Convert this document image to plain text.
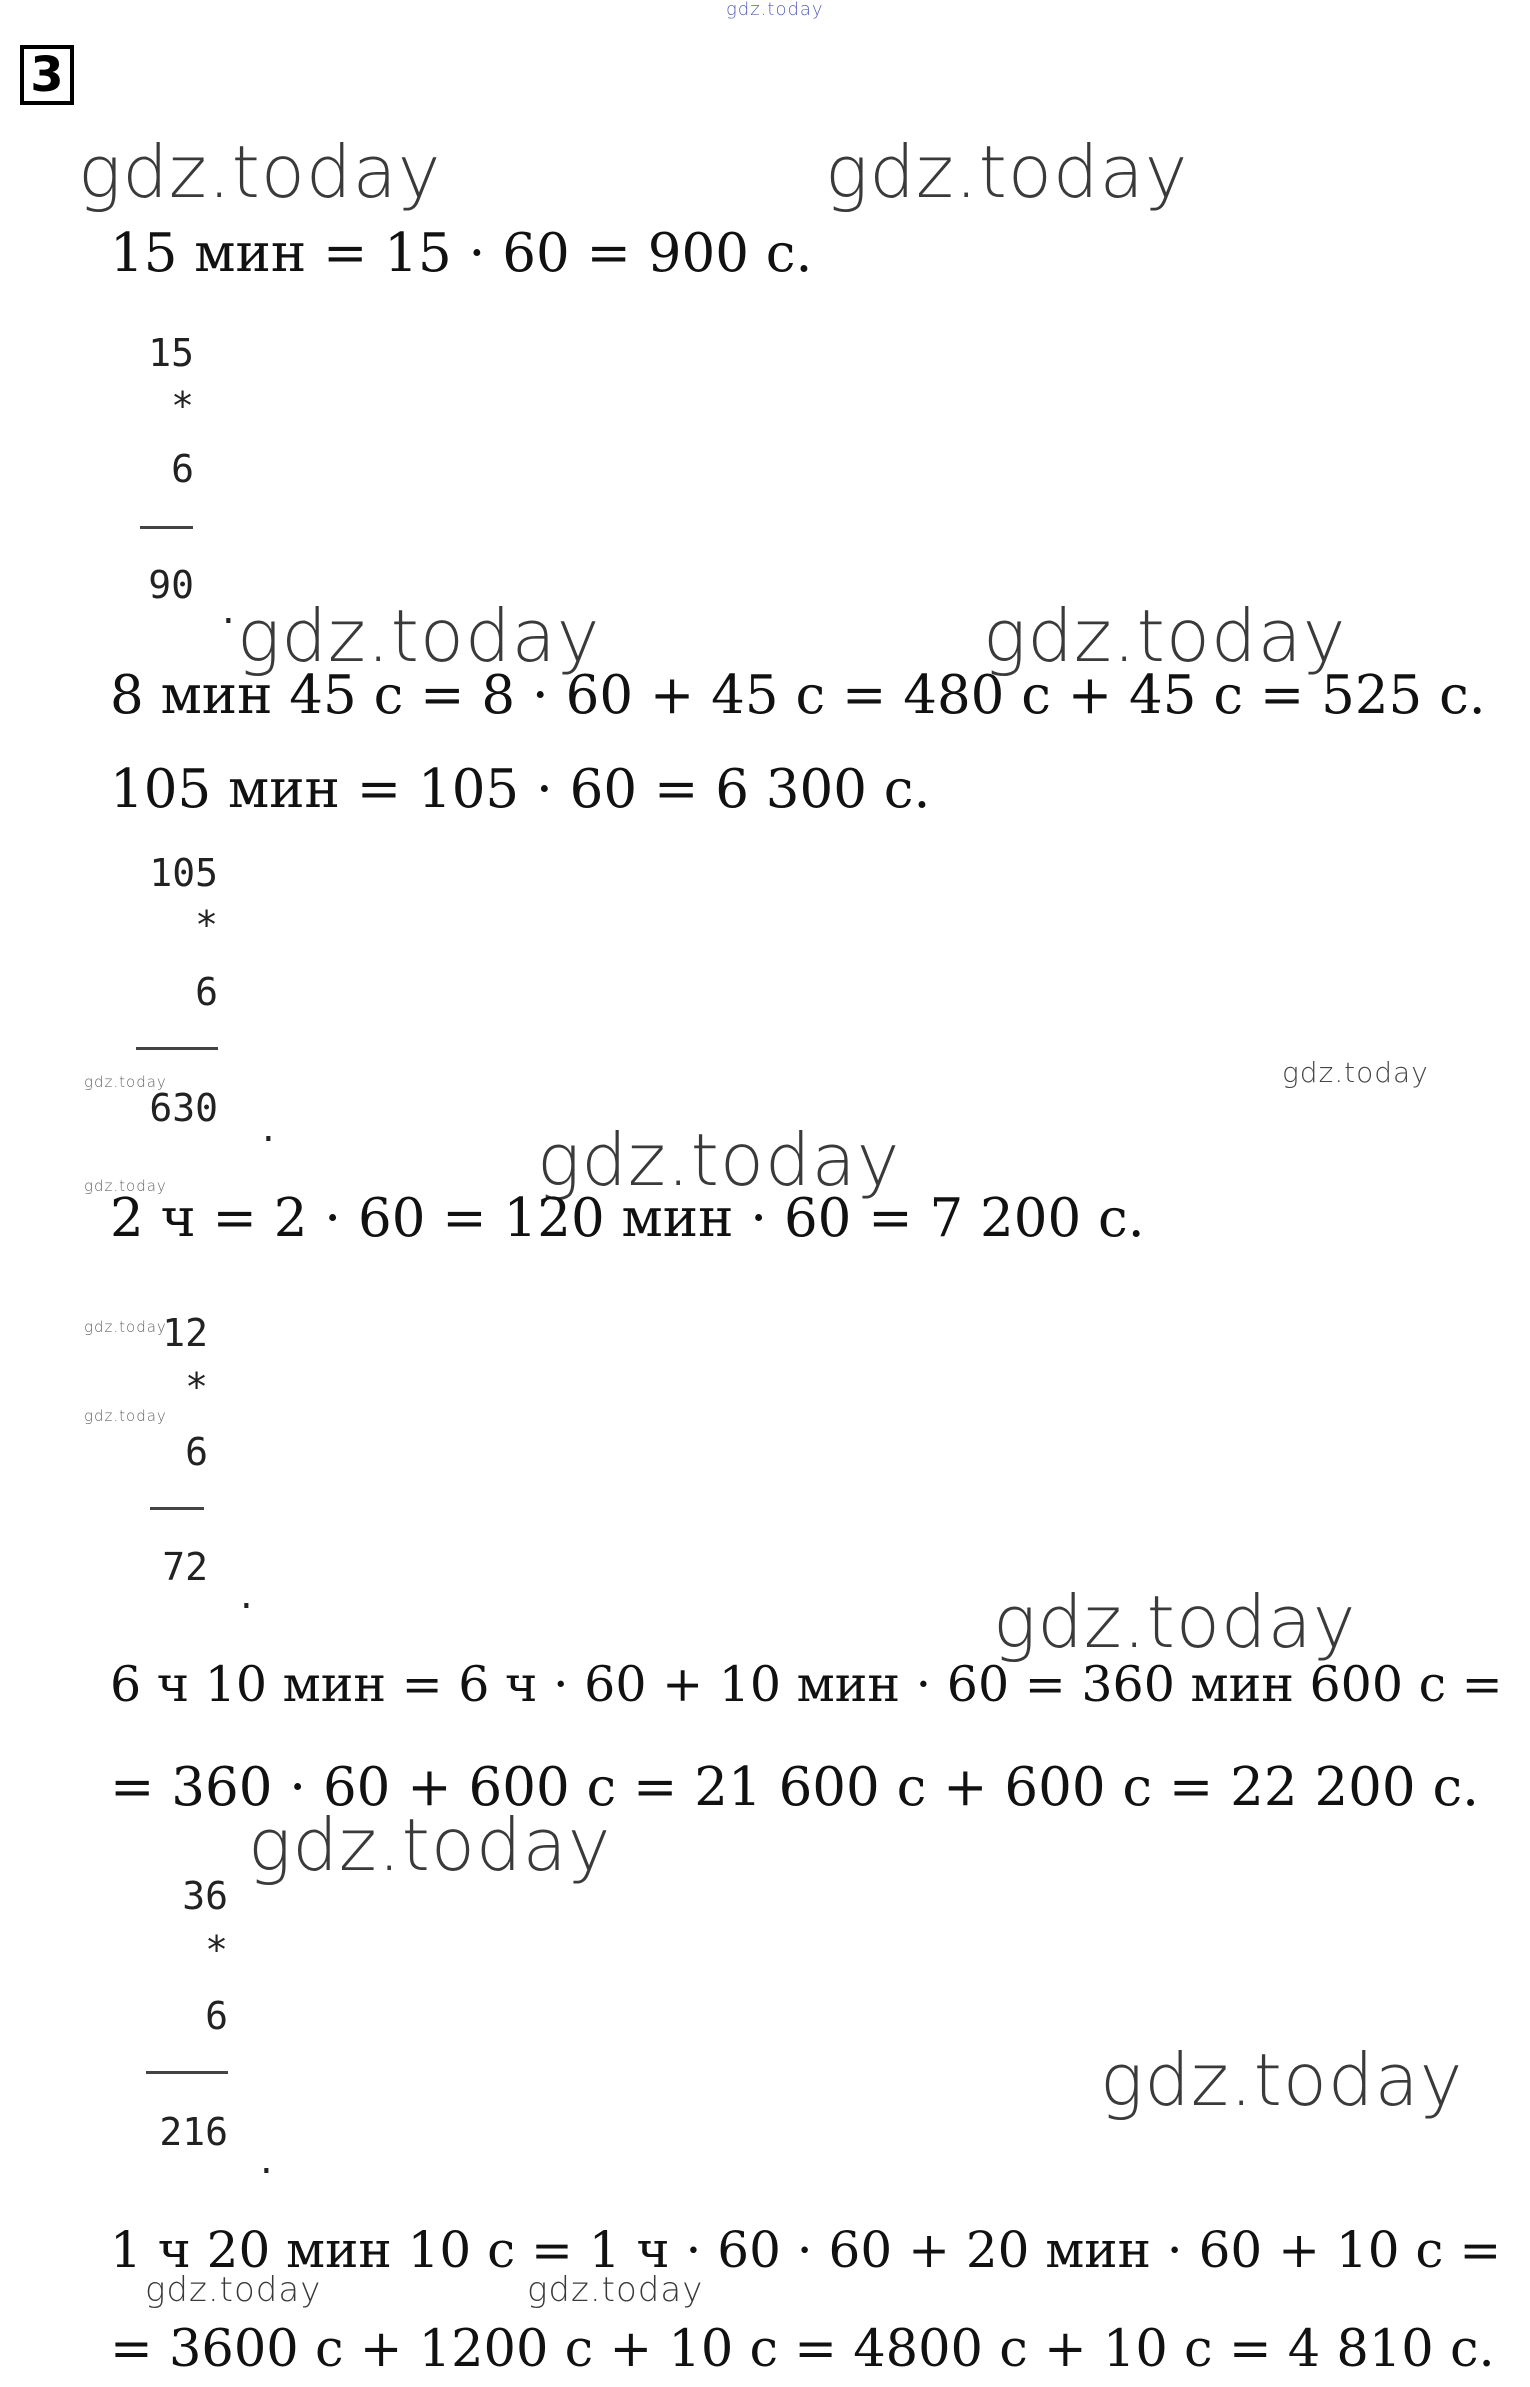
gdz.today
3
gdz.today	gdz.today
gdz.today	gdz.today
gdz.today
gdz.today
gdz.today
gdz.today
gdz.today	gdz.today
gdz.today
gdz.today
gdz.today
gdz.today
gdz.today
15 мин = 15 · 60 = 900 с.
15
*
6
90
.
8 мин 45 с = 8 · 60 + 45 с = 480 с + 45 с = 525 с.
105 мин = 105 · 60 = 6 300 с.
105
*
6
630 .
2 ч = 2 · 60 = 120 мин · 60 = 7 200 с.
12
*
6
72
.
6 ч 10 мин = 6 ч · 60 + 10 мин · 60 = 360 мин 600 с =
= 360 · 60 + 600 с = 21 600 с + 600 с = 22 200 с.
36
*
6
216
.
1 ч 20 мин 10 с = 1 ч · 60 · 60 + 20 мин · 60 + 10 с =
= 3600 с + 1200 с + 10 с = 4800 с + 10 с = 4 810 с.
